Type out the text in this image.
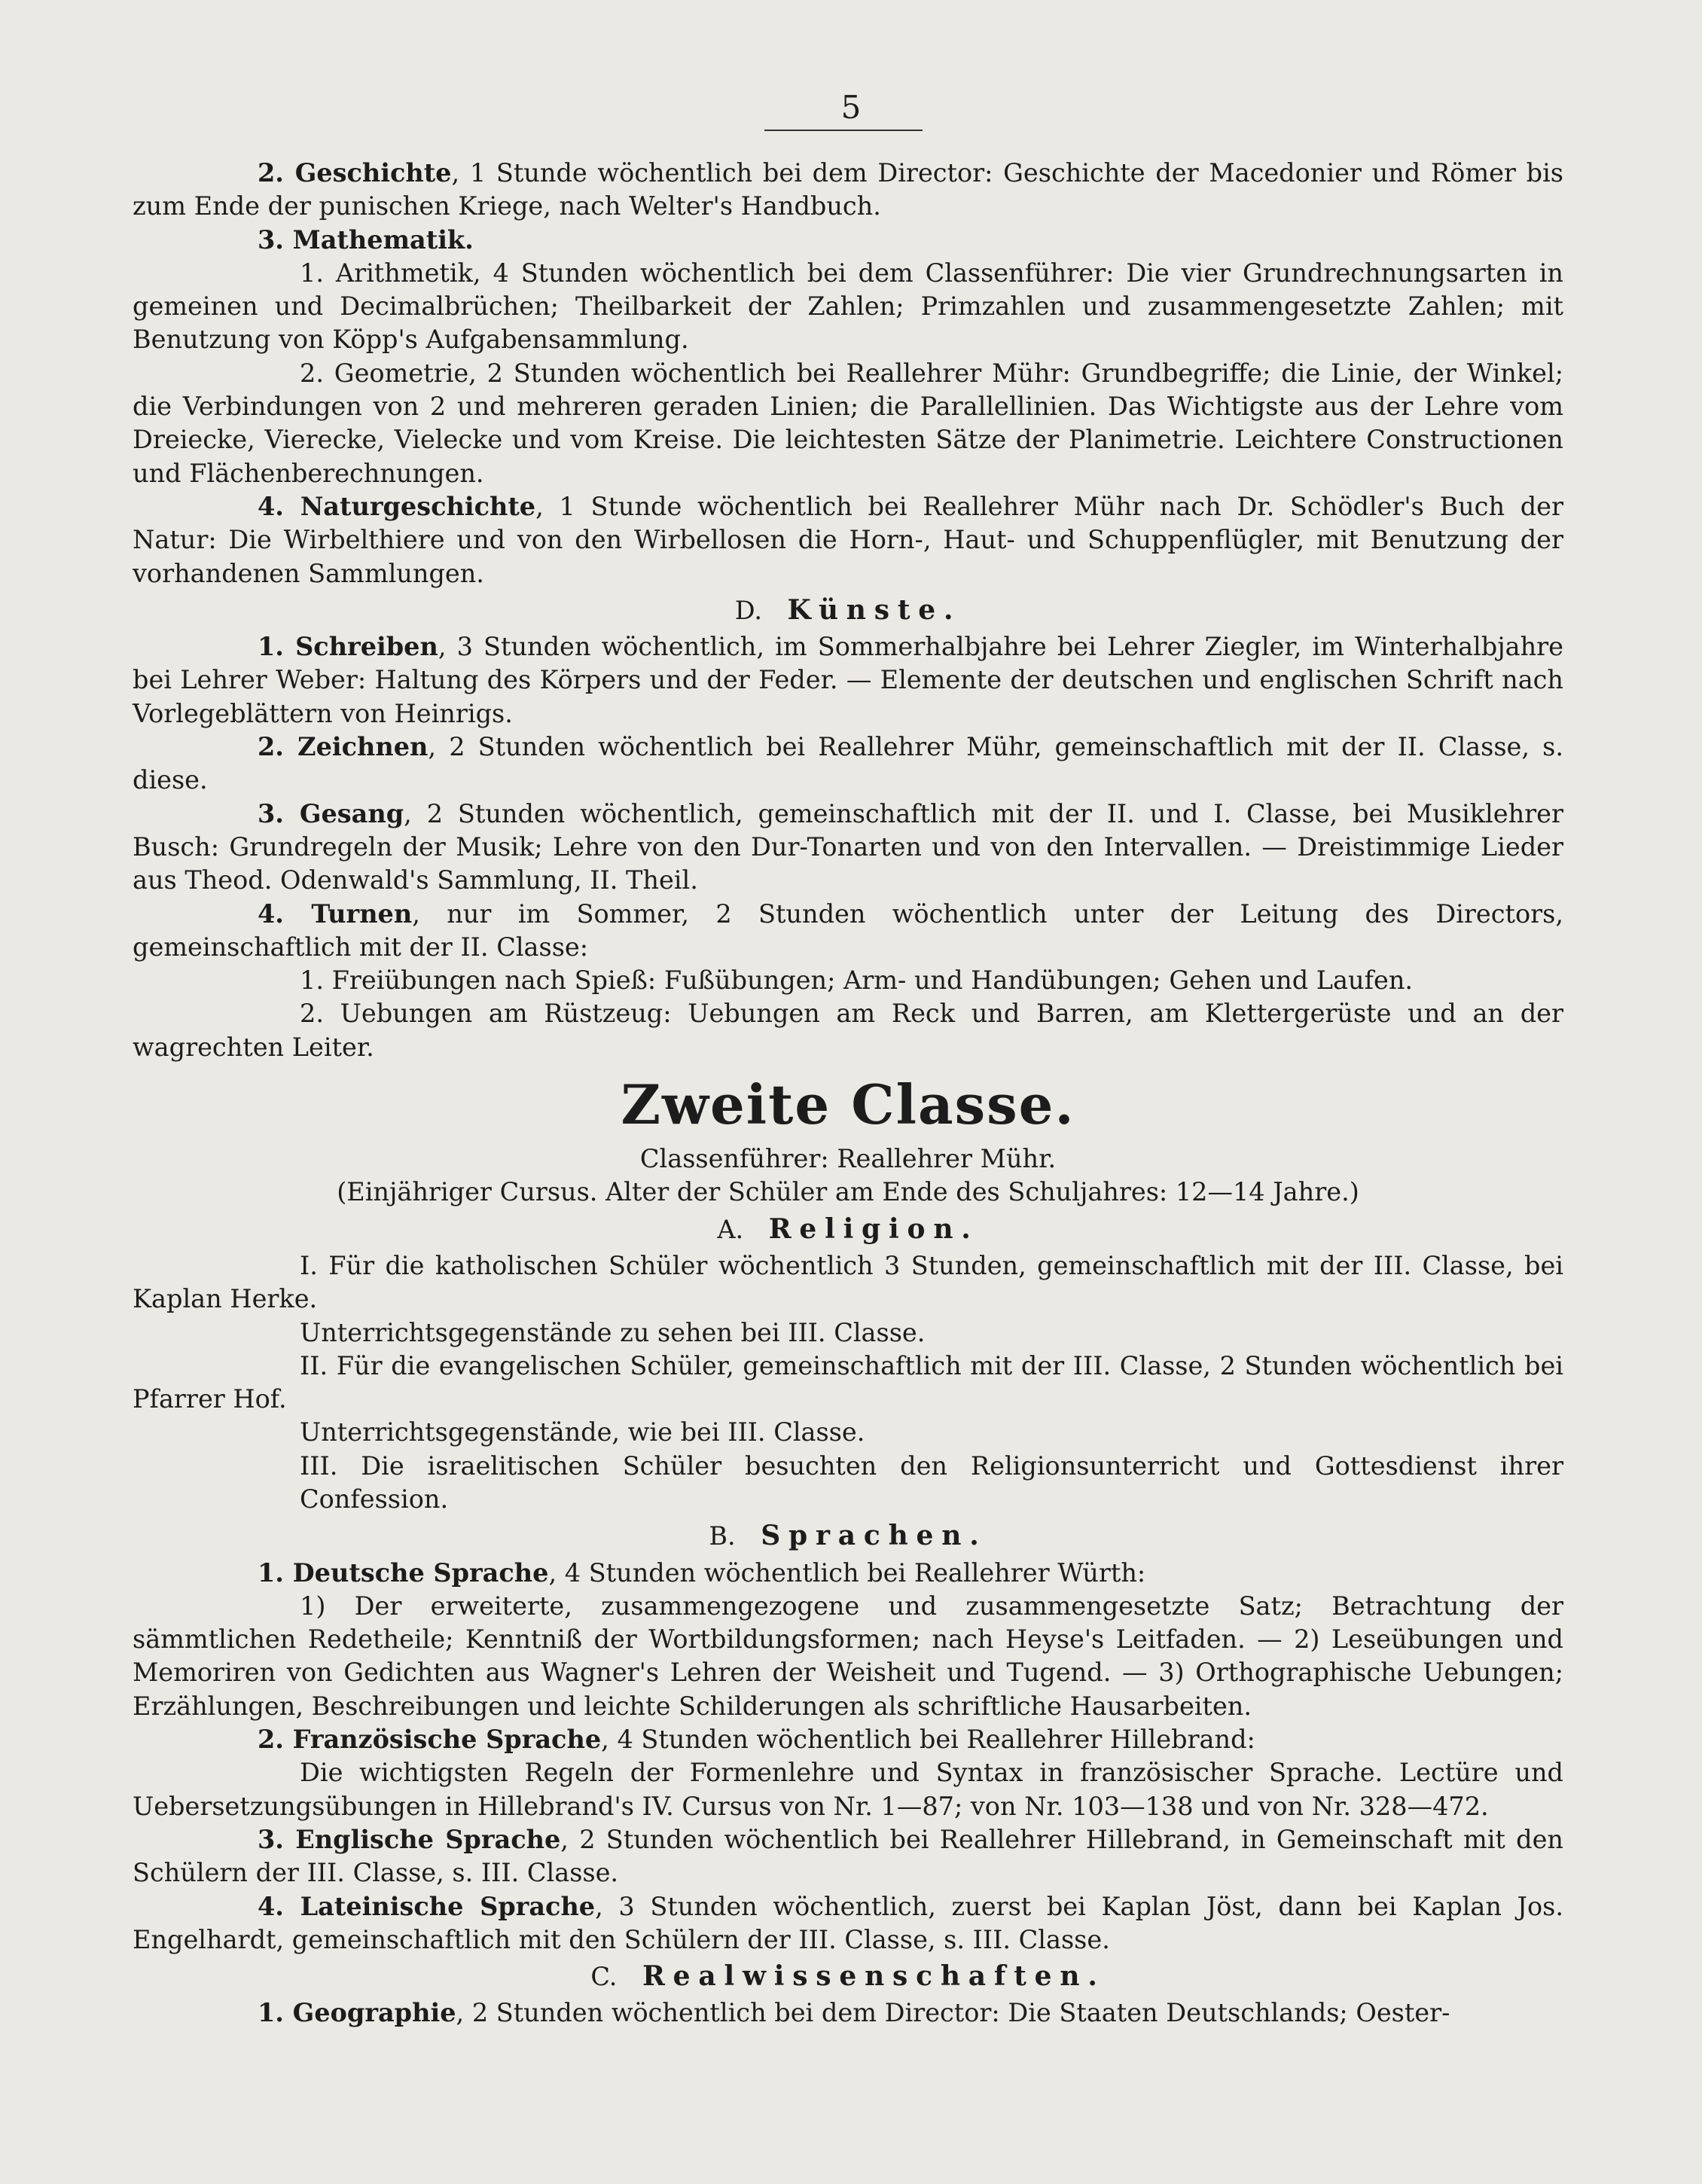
5

2. Geschichte, 1 Stunde wöchentlich bei dem Director: Geschichte der Macedonier und Römer bis zum Ende der punischen Kriege, nach Welter's Handbuch.

3. Mathematik.

1. Arithmetik, 4 Stunden wöchentlich bei dem Classenführer: Die vier Grundrechnungsarten in gemeinen und Decimalbrüchen; Theilbarkeit der Zahlen; Primzahlen und zusammengesetzte Zahlen; mit Benutzung von Köpp's Aufgabensammlung.

2. Geometrie, 2 Stunden wöchentlich bei Reallehrer Mühr: Grundbegriffe; die Linie, der Winkel; die Verbindungen von 2 und mehreren geraden Linien; die Parallellinien. Das Wichtigste aus der Lehre vom Dreiecke, Vierecke, Vielecke und vom Kreise. Die leichtesten Sätze der Planimetrie. Leichtere Constructionen und Flächenberechnungen.

4. Naturgeschichte, 1 Stunde wöchentlich bei Reallehrer Mühr nach Dr. Schödler's Buch der Natur: Die Wirbelthiere und von den Wirbellosen die Horn-, Haut- und Schuppenflügler, mit Benutzung der vorhandenen Sammlungen.

D.   Künste.

1. Schreiben, 3 Stunden wöchentlich, im Sommerhalbjahre bei Lehrer Ziegler, im Winterhalbjahre bei Lehrer Weber: Haltung des Körpers und der Feder. — Elemente der deutschen und englischen Schrift nach Vorlegeblättern von Heinrigs.

2. Zeichnen, 2 Stunden wöchentlich bei Reallehrer Mühr, gemeinschaftlich mit der II. Classe, s. diese.

3. Gesang, 2 Stunden wöchentlich, gemeinschaftlich mit der II. und I. Classe, bei Musiklehrer Busch: Grundregeln der Musik; Lehre von den Dur-Tonarten und von den Intervallen. — Dreistimmige Lieder aus Theod. Odenwald's Sammlung, II. Theil.

4. Turnen, nur im Sommer, 2 Stunden wöchentlich unter der Leitung des Directors, gemeinschaftlich mit der II. Classe:

1. Freiübungen nach Spieß: Fußübungen; Arm- und Handübungen; Gehen und Laufen.

2. Uebungen am Rüstzeug: Uebungen am Reck und Barren, am Klettergerüste und an der wagrechten Leiter.

Zweite Classe.

Classenführer: Reallehrer Mühr.

(Einjähriger Cursus. Alter der Schüler am Ende des Schuljahres: 12—14 Jahre.)

A.   Religion.

I. Für die katholischen Schüler wöchentlich 3 Stunden, gemeinschaftlich mit der III. Classe, bei Kaplan Herke.

Unterrichtsgegenstände zu sehen bei III. Classe.

II. Für die evangelischen Schüler, gemeinschaftlich mit der III. Classe, 2 Stunden wöchentlich bei Pfarrer Hof.

Unterrichtsgegenstände, wie bei III. Classe.

III. Die israelitischen Schüler besuchten den Religionsunterricht und Gottesdienst ihrer Confession.

B.   Sprachen.

1. Deutsche Sprache, 4 Stunden wöchentlich bei Reallehrer Würth:

1) Der erweiterte, zusammengezogene und zusammengesetzte Satz; Betrachtung der sämmtlichen Redetheile; Kenntniß der Wortbildungsformen; nach Heyse's Leitfaden. — 2) Leseübungen und Memoriren von Gedichten aus Wagner's Lehren der Weisheit und Tugend. — 3) Orthographische Uebungen; Erzählungen, Beschreibungen und leichte Schilderungen als schriftliche Hausarbeiten.

2. Französische Sprache, 4 Stunden wöchentlich bei Reallehrer Hillebrand:

Die wichtigsten Regeln der Formenlehre und Syntax in französischer Sprache. Lectüre und Uebersetzungsübungen in Hillebrand's IV. Cursus von Nr. 1—87; von Nr. 103—138 und von Nr. 328—472.

3. Englische Sprache, 2 Stunden wöchentlich bei Reallehrer Hillebrand, in Gemeinschaft mit den Schülern der III. Classe, s. III. Classe.

4. Lateinische Sprache, 3 Stunden wöchentlich, zuerst bei Kaplan Jöst, dann bei Kaplan Jos. Engelhardt, gemeinschaftlich mit den Schülern der III. Classe, s. III. Classe.

C.   Realwissenschaften.

1. Geographie, 2 Stunden wöchentlich bei dem Director: Die Staaten Deutschlands; Oester-
